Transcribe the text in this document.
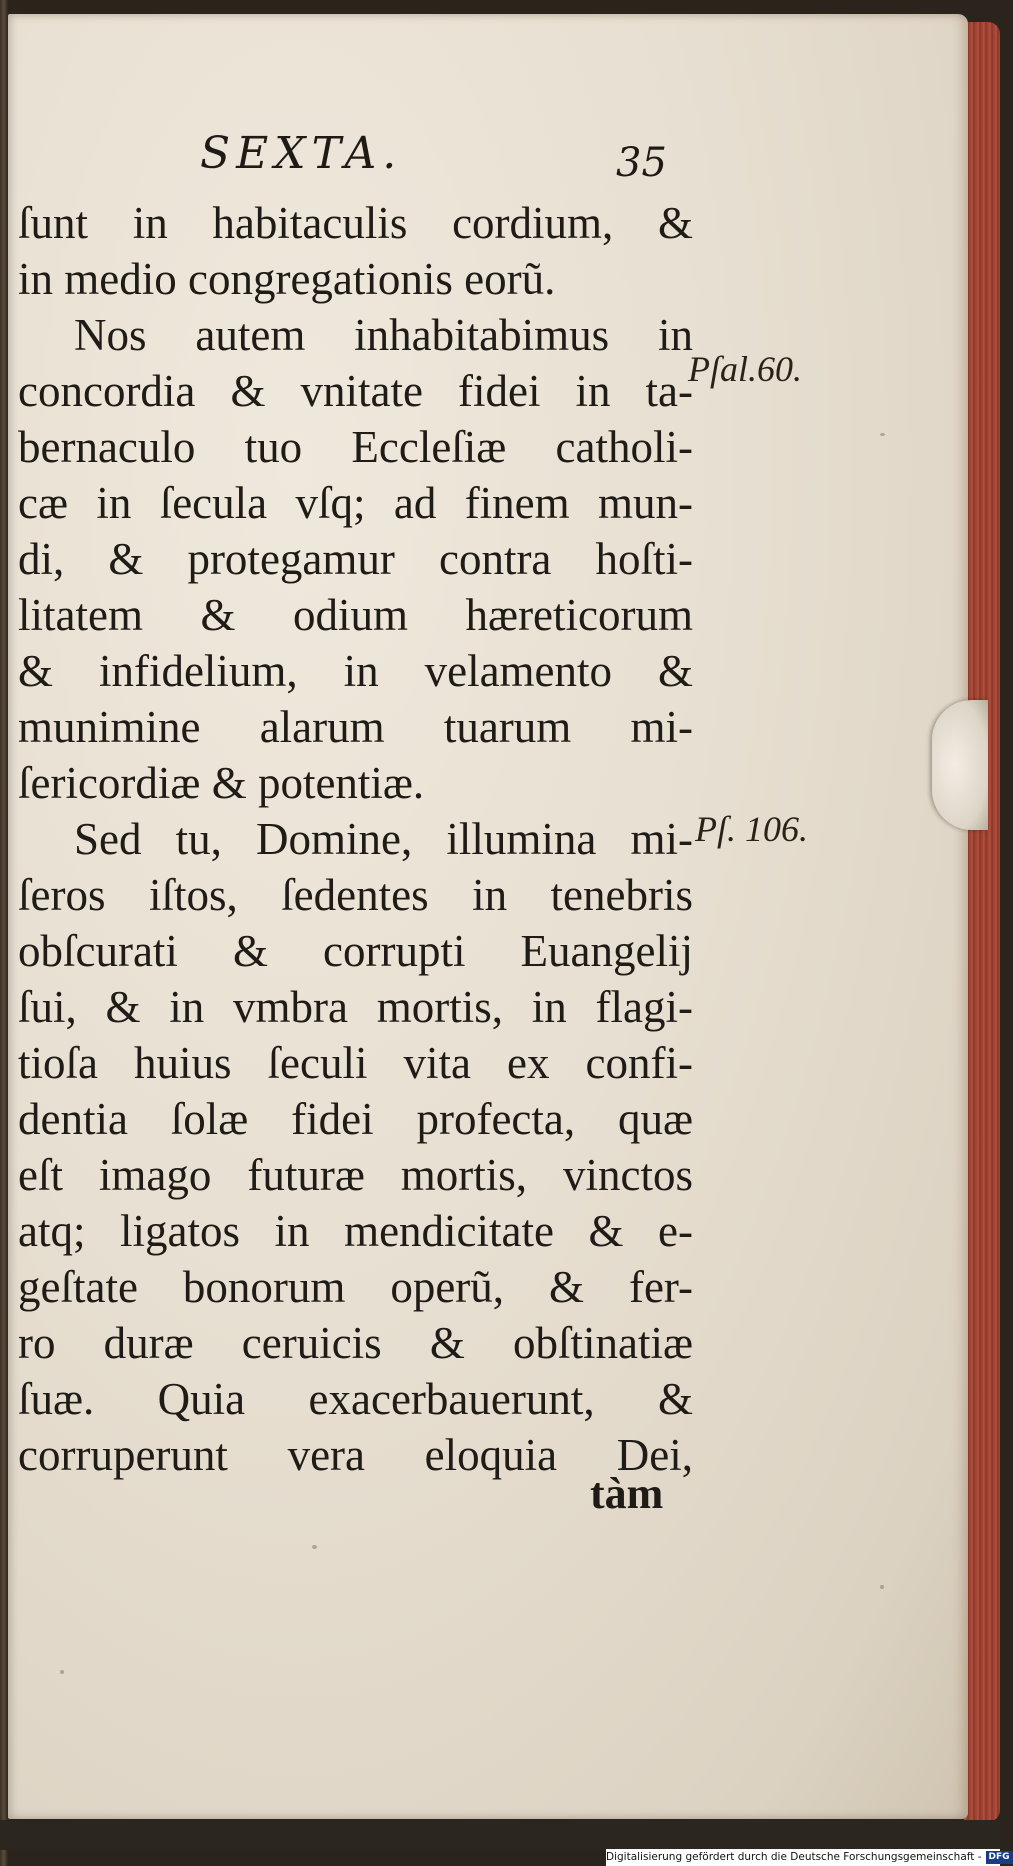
SEXTA.	35
ſunt in habitaculis cordium, &
in medio congregationis eorũ.
Nos autem inhabitabimus in
concordia & vnitate fidei in ta-
bernaculo tuo Eccleſiæ catholi-
cæ in ſecula vſq; ad finem mun-
di, & protegamur contra hoſti-
litatem & odium hæreticorum
& infidelium, in velamento &
munimine alarum tuarum mi-
ſericordiæ & potentiæ.
Sed tu, Domine, illumina mi-
ſeros iſtos, ſedentes in tenebris
obſcurati & corrupti Euangelij
ſui, & in vmbra mortis, in flagi-
tioſa huius ſeculi vita ex confi-
dentia ſolæ fidei profecta, quæ
eſt imago futuræ mortis, vinctos
atq; ligatos in mendicitate & e-
geſtate bonorum operũ, & fer-
ro duræ ceruicis & obſtinatiæ
ſuæ. Quia exacerbauerunt, &
corruperunt vera eloquia Dei,
tàm
Pſal.60.
Pſ. 106.
Digitalisierung gefördert durch die Deutsche Forschungsgemeinschaft - DFG
